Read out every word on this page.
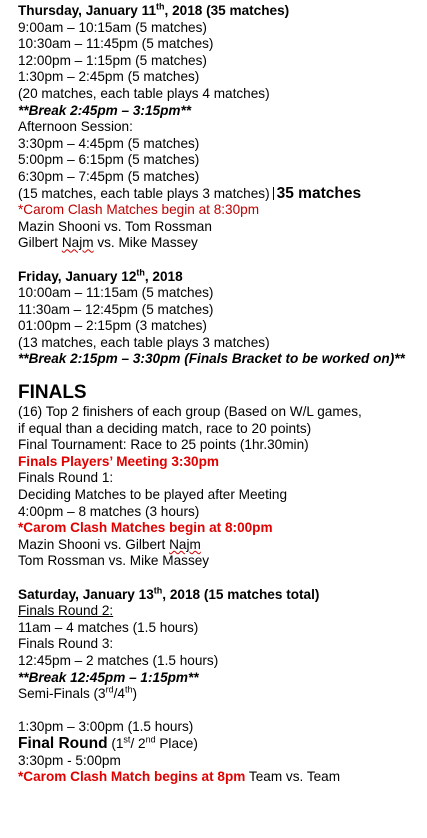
Thursday, January 11th, 2018 (35 matches)
9:00am – 10:15am (5 matches)
10:30am – 11:45pm (5 matches)
12:00pm – 1:15pm (5 matches)
1:30pm – 2:45pm (5 matches)
(20 matches, each table plays 4 matches)
**Break 2:45pm – 3:15pm**
Afternoon Session:
3:30pm – 4:45pm (5 matches)
5:00pm – 6:15pm (5 matches)
6:30pm – 7:45pm (5 matches)
(15 matches, each table plays 3 matches) 35 matches
*Carom Clash Matches begin at 8:30pm
Mazin Shooni vs. Tom Rossman
Gilbert Najm vs. Mike Massey
Friday, January 12th, 2018
10:00am – 11:15am (5 matches)
11:30am – 12:45pm (5 matches)
01:00pm – 2:15pm (3 matches)
(13 matches, each table plays 3 matches)
**Break 2:15pm – 3:30pm (Finals Bracket to be worked on)**
FINALS
(16) Top 2 finishers of each group (Based on W/L games,
if equal than a deciding match, race to 20 points)
Final Tournament: Race to 25 points (1hr.30min)
Finals Players’ Meeting 3:30pm
Finals Round 1:
Deciding Matches to be played after Meeting
4:00pm – 8 matches (3 hours)
*Carom Clash Matches begin at 8:00pm
Mazin Shooni vs. Gilbert Najm
Tom Rossman vs. Mike Massey
Saturday, January 13th, 2018 (15 matches total)
Finals Round 2:
11am – 4 matches (1.5 hours)
Finals Round 3:
12:45pm – 2 matches (1.5 hours)
**Break 12:45pm – 1:15pm**
Semi-Finals (3rd/4th)
1:30pm – 3:00pm (1.5 hours)
Final Round (1st/ 2nd Place)
3:30pm - 5:00pm
*Carom Clash Match begins at 8pm Team vs. Team
